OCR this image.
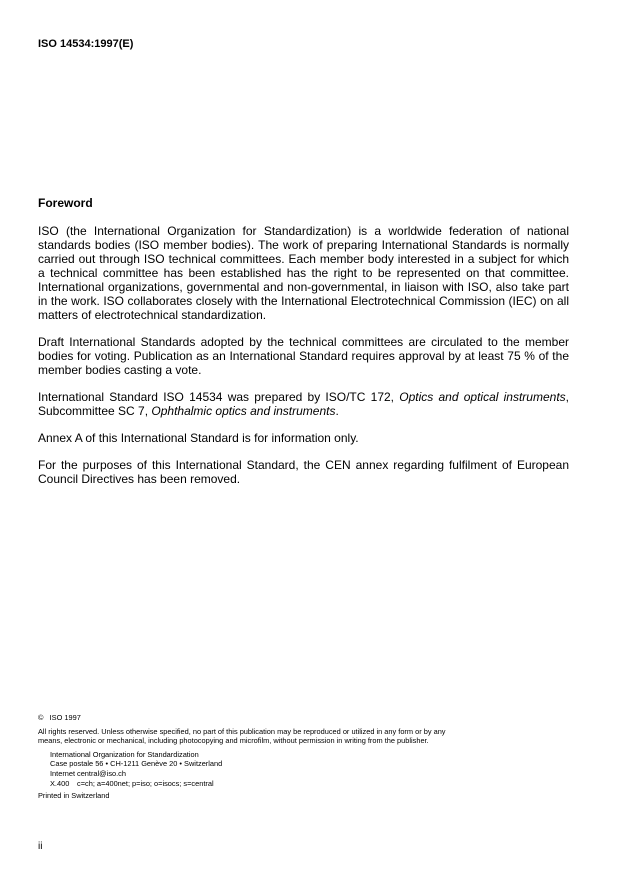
ISO 14534:1997(E)
Foreword

ISO (the International Organization for Standardization) is a worldwide federation of national standards bodies (ISO member bodies). The work of preparing International Standards is normally carried out through ISO technical committees. Each member body interested in a subject for which a technical committee has been established has the right to be represented on that committee. International organizations, governmental and non-governmental, in liaison with ISO, also take part in the work. ISO collaborates closely with the International Electrotechnical Commission (IEC) on all matters of electrotechnical standardization.

Draft International Standards adopted by the technical committees are circulated to the member bodies for voting. Publication as an International Standard requires approval by at least 75 % of the member bodies casting a vote.

International Standard ISO 14534 was prepared by ISO/TC 172, Optics and optical instruments, Subcommittee SC 7, Ophthalmic optics and instruments.

Annex A of this International Standard is for information only.

For the purposes of this International Standard, the CEN annex regarding fulfilment of European Council Directives has been removed.

© ISO 1997
All rights reserved. Unless otherwise specified, no part of this publication may be reproduced or utilized in any form or by any means, electronic or mechanical, including photocopying and microfilm, without permission in writing from the publisher.
International Organization for Standardization
Case postale 56 • CH-1211 Genève 20 • Switzerland
Internet central@iso.ch
X.400	c=ch; a=400net; p=iso; o=isocs; s=central
Printed in Switzerland
ii
